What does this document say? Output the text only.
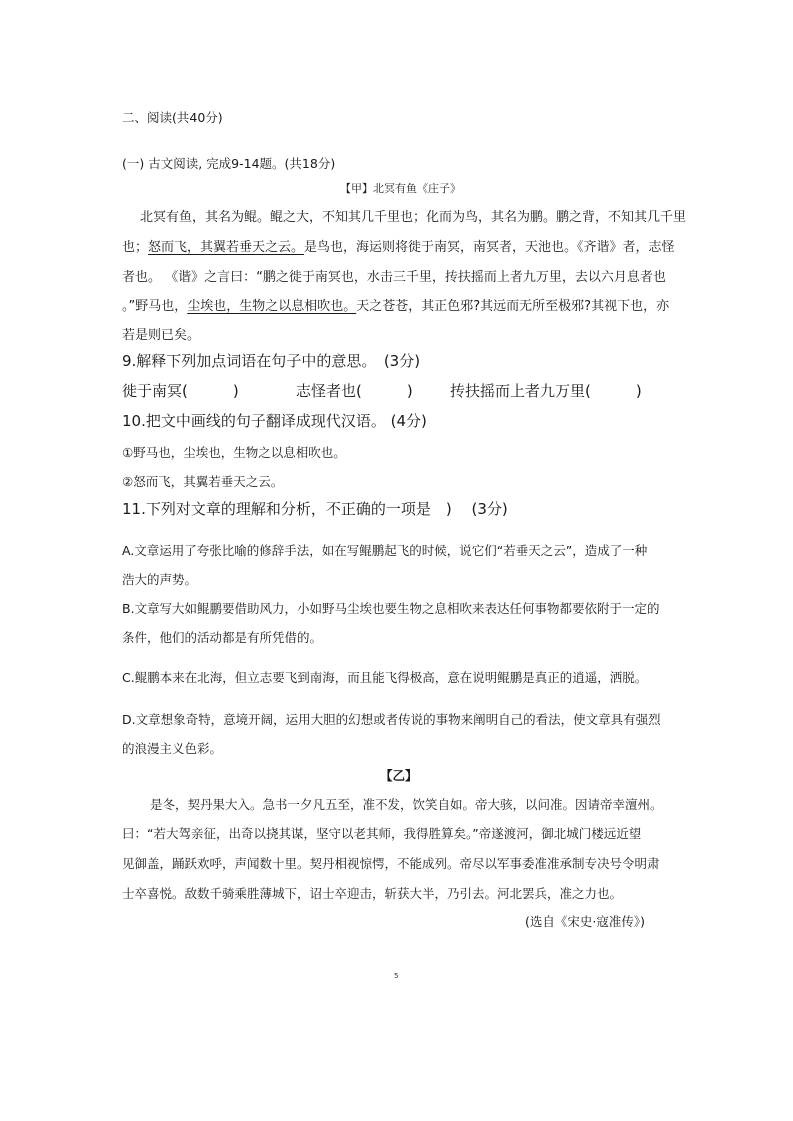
二、阅读(共40分)
(一) 古文阅读, 完成9-14题。(共18分)
【甲】北冥有鱼《庄子》
北冥有鱼，其名为鲲。鲲之大，不知其几千里也；化而为鸟，其名为鹏。鹏之背，不知其几千里
也；怒而飞，其翼若垂天之云。是鸟也，海运则将徙于南冥，南冥者，天池也。《齐谐》者，志怪
者也。 《谐》之言曰：“鹏之徙于南冥也，水击三千里，抟扶摇而上者九万里，去以六月息者也
。”野马也，尘埃也，生物之以息相吹也。天之苍苍，其正色邪?其远而无所至极邪?其视下也，亦
若是则已矣。
9.解释下列加点词语在句子中的意思。　(3分)
徙于南冥(　　　)	志怪者也(　　　) 抟扶摇而上者九万里(　　　)
10.把文中画线的句子翻译成现代汉语。 (4分)
①野马也，尘埃也，生物之以息相吹也。
②怒而飞，其翼若垂天之云。
11.下列对文章的理解和分析，不正确的一项是　)　 (3分)
A.文章运用了夸张比喻的修辞手法，如在写鲲鹏起飞的时候，说它们“若垂天之云”，造成了一种
浩大的声势。
B.文章写大如鲲鹏要借助风力，小如野马尘埃也要生物之息相吹来表达任何事物都要依附于一定的
条件，他们的活动都是有所凭借的。
C.鲲鹏本来在北海，但立志要飞到南海，而且能飞得极高，意在说明鲲鹏是真正的逍遥，洒脱。
D.文章想象奇特，意境开阔，运用大胆的幻想或者传说的事物来阐明自己的看法，使文章具有强烈
的浪漫主义色彩。
【乙】
是冬，契丹果大入。急书一夕凡五至，准不发，饮笑自如。帝大骇，以问准。因请帝幸澶州。
曰：“若大驾亲征，出奇以挠其谋，坚守以老其师，我得胜算矣。”帝遂渡河，御北城门楼远近望
见御盖，踊跃欢呼，声闻数十里。契丹相视惊愕，不能成列。帝尽以军事委准准承制专决号令明肃
士卒喜悦。敌数千骑乘胜薄城下，诏士卒迎击，斩获大半，乃引去。河北罢兵，准之力也。
(选自《宋史·寇准传》)
5
